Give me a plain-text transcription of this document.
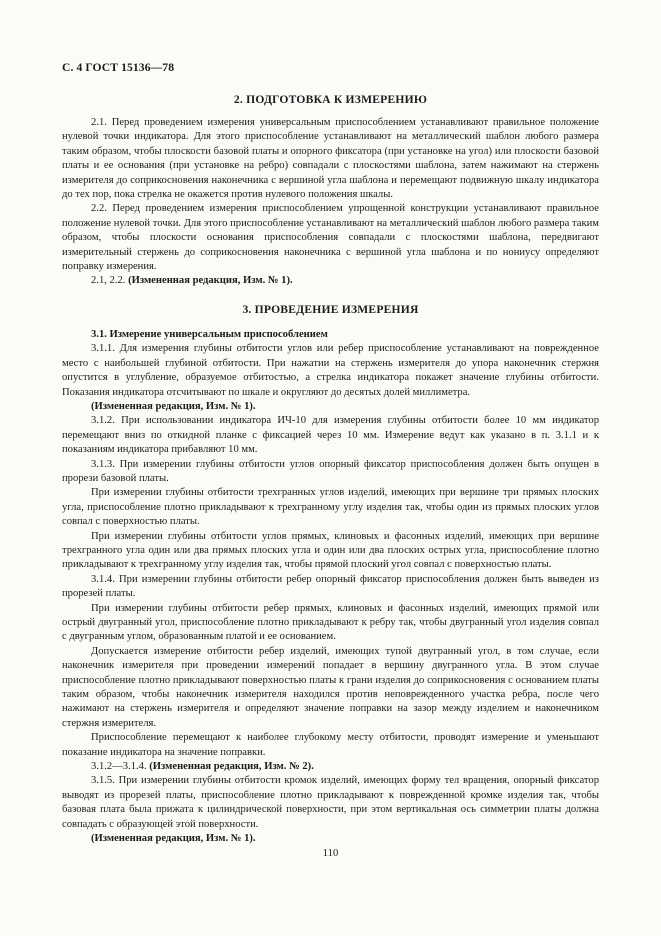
С. 4 ГОСТ 15136—78
2. ПОДГОТОВКА К ИЗМЕРЕНИЮ

2.1. Перед проведением измерения универсальным приспособлением устанавливают правильное положение нулевой точки индикатора. Для этого приспособление устанавливают на металлический шаблон любого размера таким образом, чтобы плоскости базовой платы и опорного фиксатора (при установке на угол) или плоскости базовой платы и ее основания (при установке на ребро) совпадали с плоскостями шаблона, затем нажимают на стержень измерителя до соприкосновения наконечника с вершиной угла шаблона и перемещают подвижную шкалу индикатора до тех пор, пока стрелка не окажется против нулевого положения шкалы.

2.2. Перед проведением измерения приспособлением упрощенной конструкции устанавливают правильное положение нулевой точки. Для этого приспособление устанавливают на металлический шаблон любого размера таким образом, чтобы плоскости основания приспособления совпадали с плоскостями шаблона, передвигают измерительный стержень до соприкосновения наконечника с вершиной угла шаблона и по нониусу определяют поправку измерения.

2.1, 2.2. (Измененная редакция, Изм. № 1).

3. ПРОВЕДЕНИЕ ИЗМЕРЕНИЯ

3.1. Измерение универсальным приспособлением

3.1.1. Для измерения глубины отбитости углов или ребер приспособление устанавливают на поврежденное место с наибольшей глубиной отбитости. При нажатии на стержень измерителя до упора наконечник стержня опустится в углубление, образуемое отбитостью, а стрелка индикатора покажет значение глубины отбитости. Показания индикатора отсчитывают по шкале и округляют до десятых долей миллиметра.

(Измененная редакция, Изм. № 1).

3.1.2. При использовании индикатора ИЧ-10 для измерения глубины отбитости более 10 мм индикатор перемещают вниз по откидной планке с фиксацией через 10 мм. Измерение ведут как указано в п. 3.1.1 и к показаниям индикатора прибавляют 10 мм.

3.1.3. При измерении глубины отбитости углов опорный фиксатор приспособления должен быть опущен в прорези базовой платы.

При измерении глубины отбитости трехгранных углов изделий, имеющих при вершине три прямых плоских угла, приспособление плотно прикладывают к трехгранному углу изделия так, чтобы один из прямых плоских углов совпал с поверхностью платы.

При измерении глубины отбитости углов прямых, клиновых и фасонных изделий, имеющих при вершине трехгранного угла один или два прямых плоских угла и один или два плоских острых угла, приспособление плотно прикладывают к трехгранному углу изделия так, чтобы прямой плоский угол совпал с поверхностью платы.

3.1.4. При измерении глубины отбитости ребер опорный фиксатор приспособления должен быть выведен из прорезей платы.

При измерении глубины отбитости ребер прямых, клиновых и фасонных изделий, имеющих прямой или острый двугранный угол, приспособление плотно прикладывают к ребру так, чтобы двугранный угол изделия совпал с двугранным углом, образованным платой и ее основанием.

Допускается измерение отбитости ребер изделий, имеющих тупой двугранный угол, в том случае, если наконечник измерителя при проведении измерений попадает в вершину двугранного угла. В этом случае приспособление плотно прикладывают поверхностью платы к грани изделия до соприкосновения с основанием платы таким образом, чтобы наконечник измерителя находился против неповрежденного участка ребра, после чего нажимают на стержень измерителя и определяют значение поправки на зазор между изделием и наконечником стержня измерителя.

Приспособление перемещают к наиболее глубокому месту отбитости, проводят измерение и уменьшают показание индикатора на значение поправки.

3.1.2—3.1.4. (Измененная редакция, Изм. № 2).

3.1.5. При измерении глубины отбитости кромок изделий, имеющих форму тел вращения, опорный фиксатор выводят из прорезей платы, приспособление плотно прикладывают к поврежденной кромке изделия так, чтобы базовая плата была прижата к цилиндрической поверхности, при этом вертикальная ось симметрии платы должна совпадать с образующей этой поверхности.

(Измененная редакция, Изм. № 1).

110
